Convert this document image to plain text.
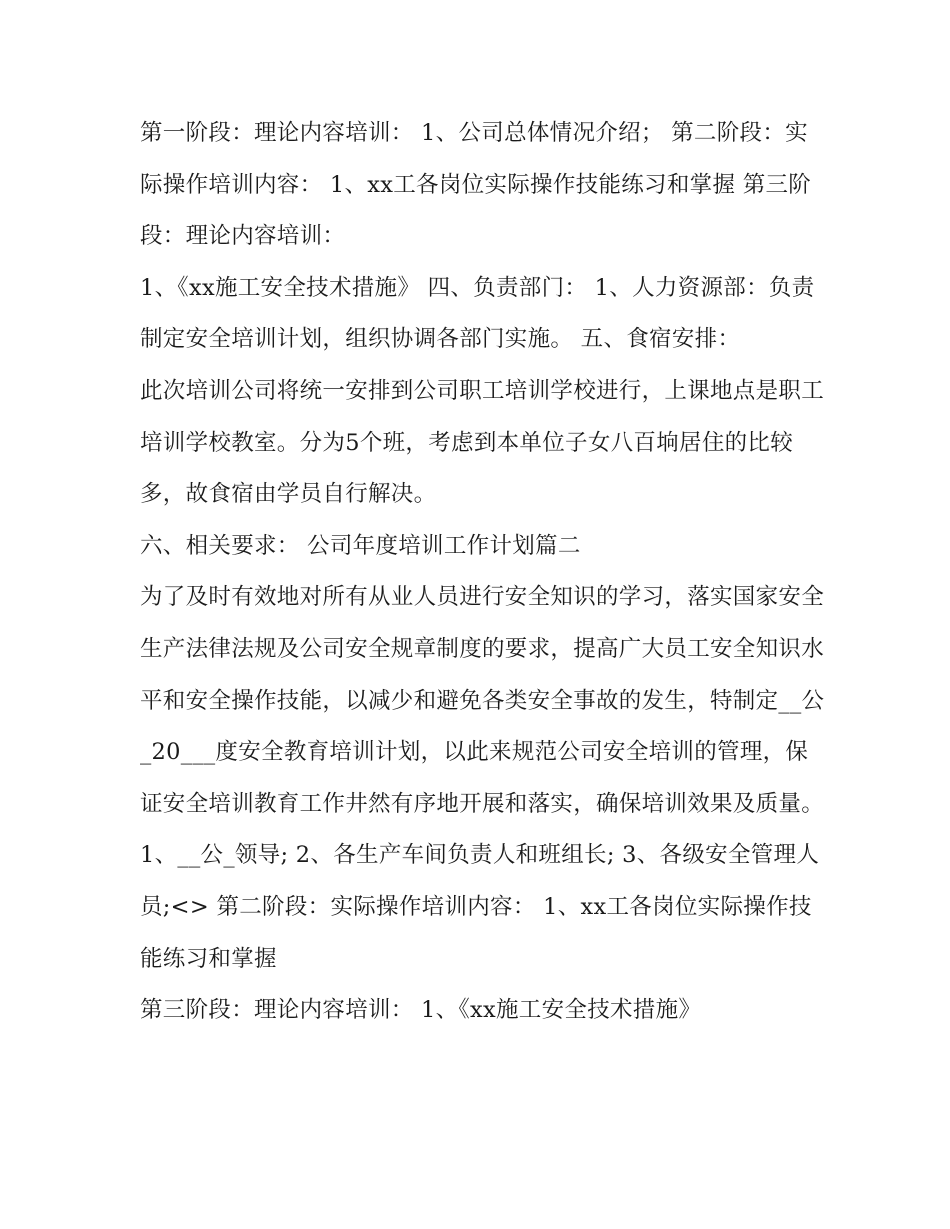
第一阶段：理论内容培训： 1、公司总体情况介绍； 第二阶段：实际操作培训内容： 1、xx工各岗位实际操作技能练习和掌握 第三阶段：理论内容培训：

1、《xx施工安全技术措施》 四、负责部门： 1、人力资源部：负责制定安全培训计划，组织协调各部门实施。 五、食宿安排：

此次培训公司将统一安排到公司职工培训学校进行，上课地点是职工培训学校教室。分为5个班，考虑到本单位子女八百垧居住的比较多，故食宿由学员自行解决。

六、相关要求： 公司年度培训工作计划篇二

为了及时有效地对所有从业人员进行安全知识的学习，落实国家安全生产法律法规及公司安全规章制度的要求，提高广大员工安全知识水平和安全操作技能，以减少和避免各类安全事故的发生，特制定__公_20___度安全教育培训计划，以此来规范公司安全培训的管理，保证安全培训教育工作井然有序地开展和落实，确保培训效果及质量。

1、__公_领导; 2、各生产车间负责人和班组长; 3、各级安全管理人员;<> 第二阶段：实际操作培训内容： 1、xx工各岗位实际操作技能练习和掌握

第三阶段：理论内容培训： 1、《xx施工安全技术措施》
